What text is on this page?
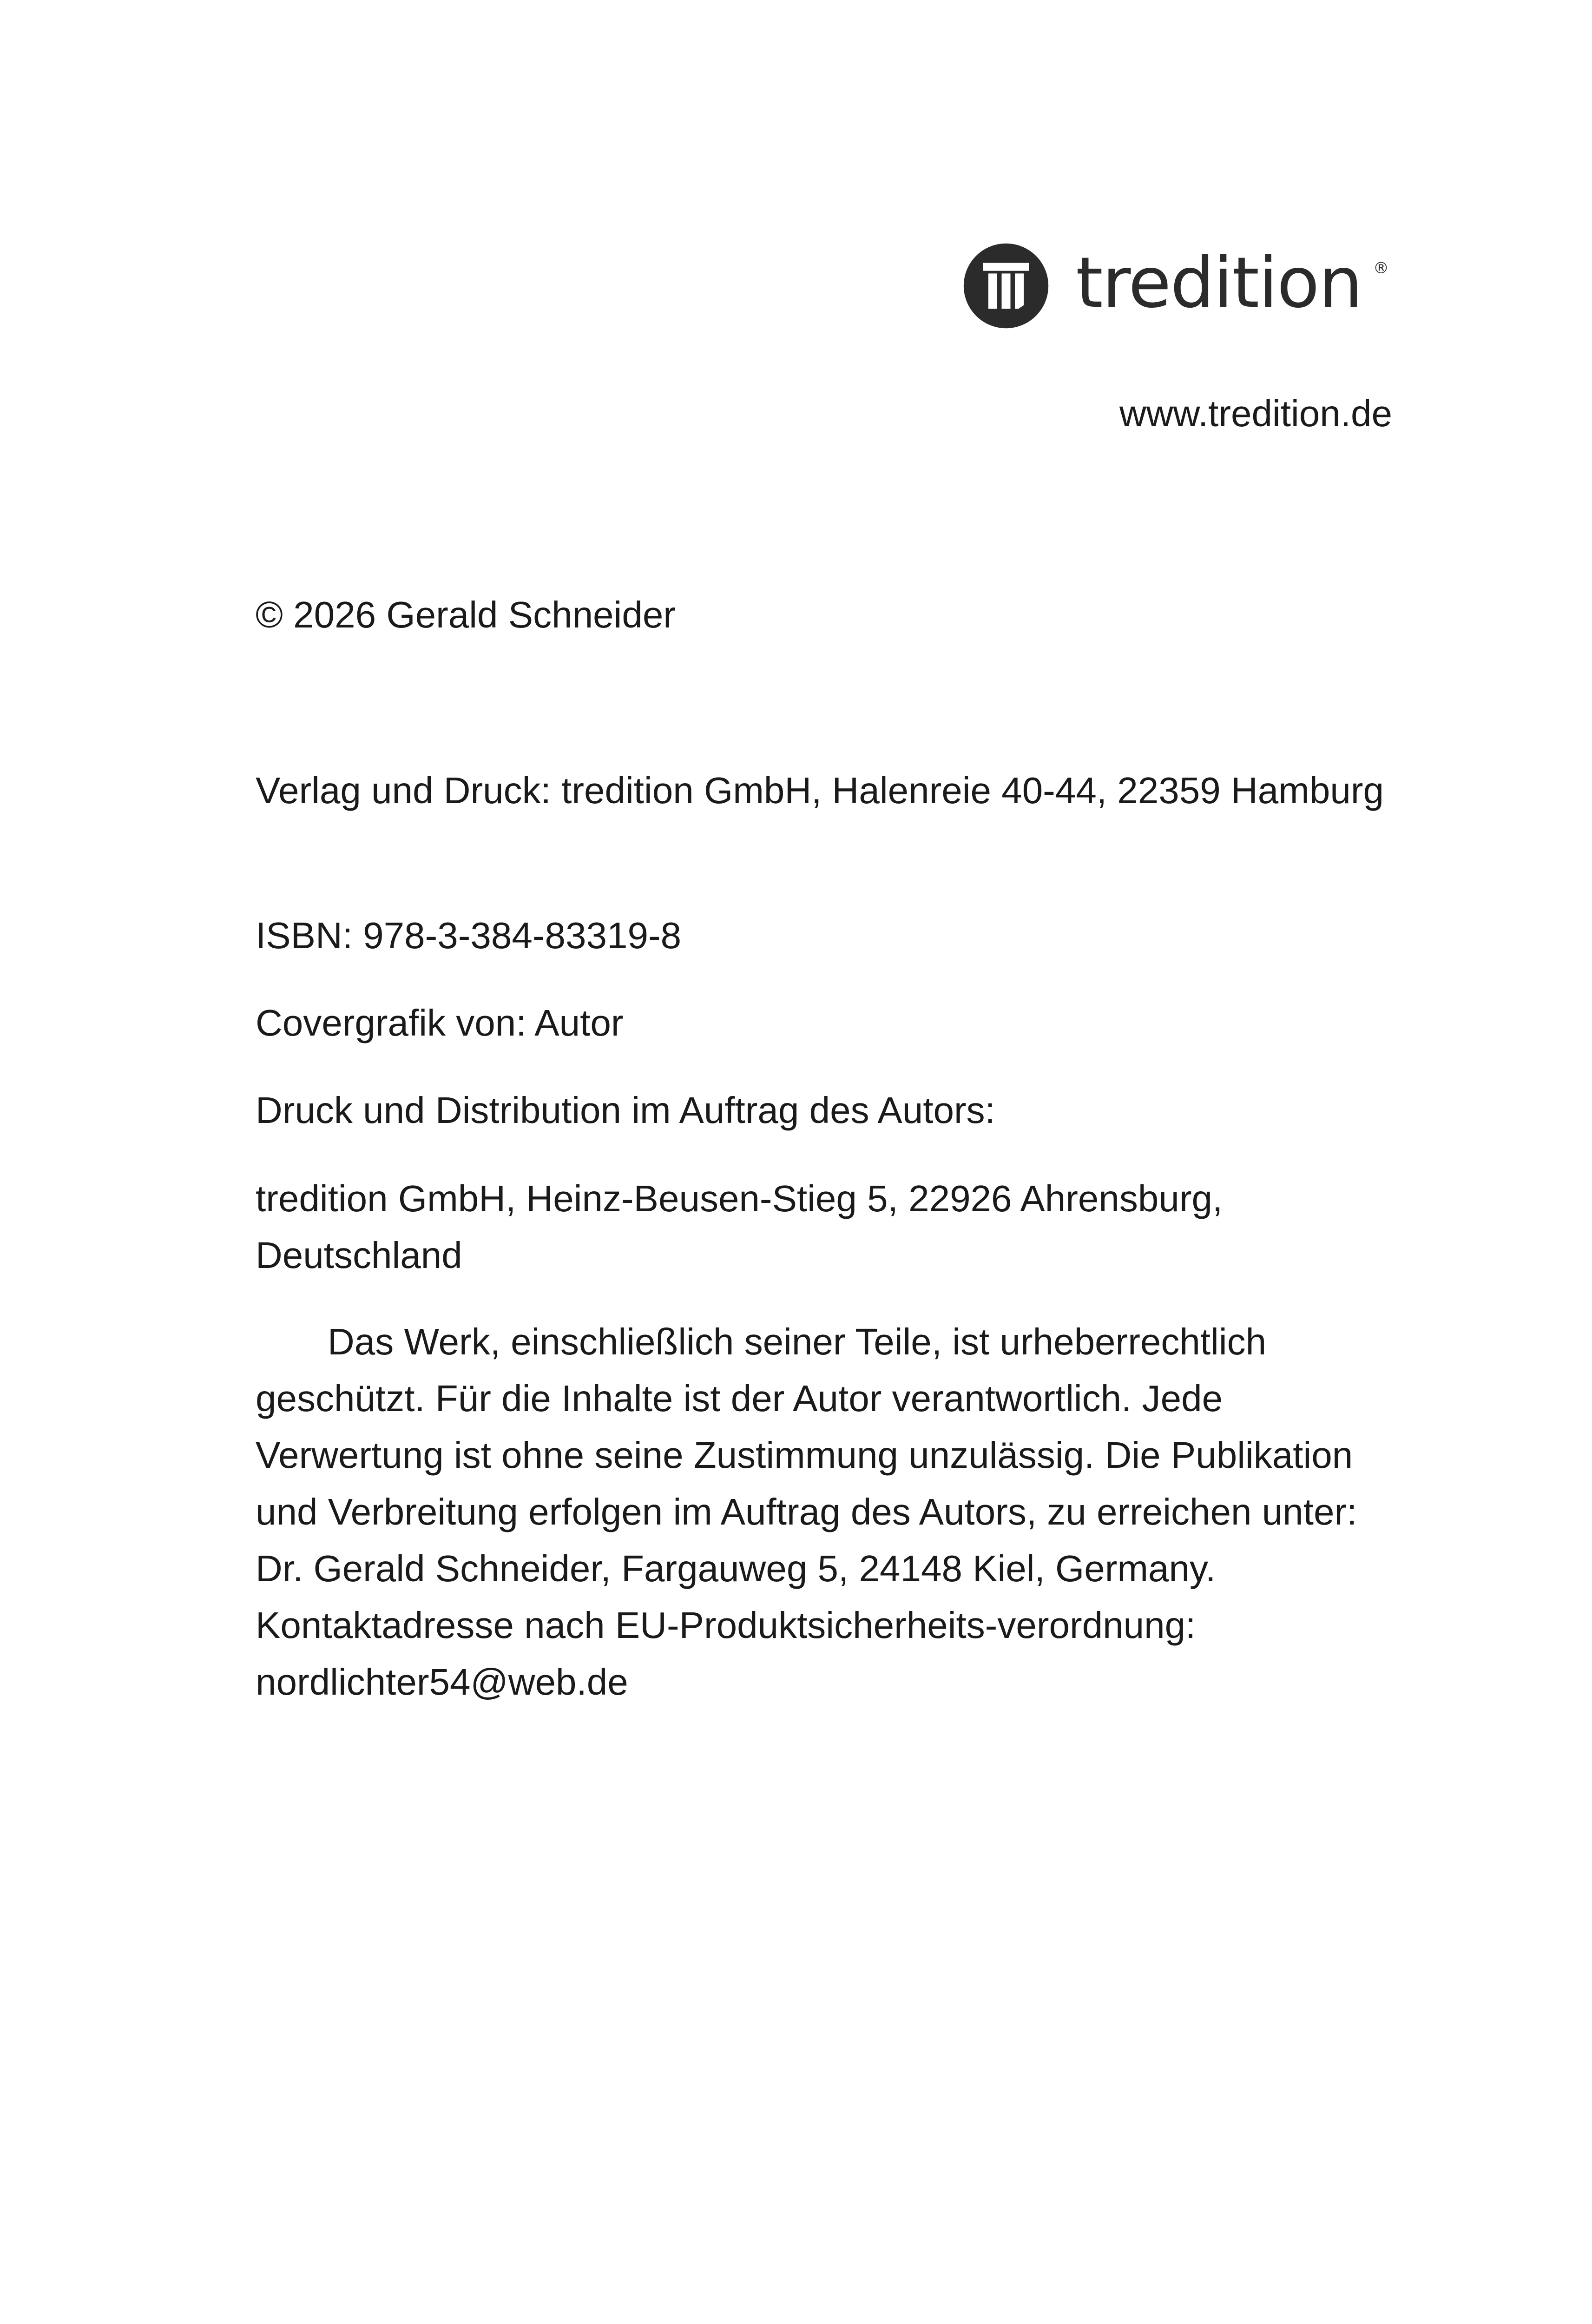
tredition ®

www.tredition.de

© 2026 Gerald Schneider

Verlag und Druck: tredition GmbH, Halenreie 40-44, 22359 Hamburg

ISBN: 978-3-384-83319-8

Covergrafik von: Autor

Druck und Distribution im Auftrag des Autors:

tredition GmbH, Heinz-Beusen-Stieg 5, 22926 Ahrensburg, Deutschland

Das Werk, einschließlich seiner Teile, ist urheberrechtlich geschützt. Für die Inhalte ist der Autor verantwortlich. Jede Verwertung ist ohne seine Zustimmung unzulässig. Die Publikation und Verbreitung erfolgen im Auftrag des Autors, zu erreichen unter: Dr. Gerald Schneider, Fargauweg 5, 24148 Kiel, Germany. Kontaktadresse nach EU-Produktsicherheits-verordnung: nordlichter54@web.de
